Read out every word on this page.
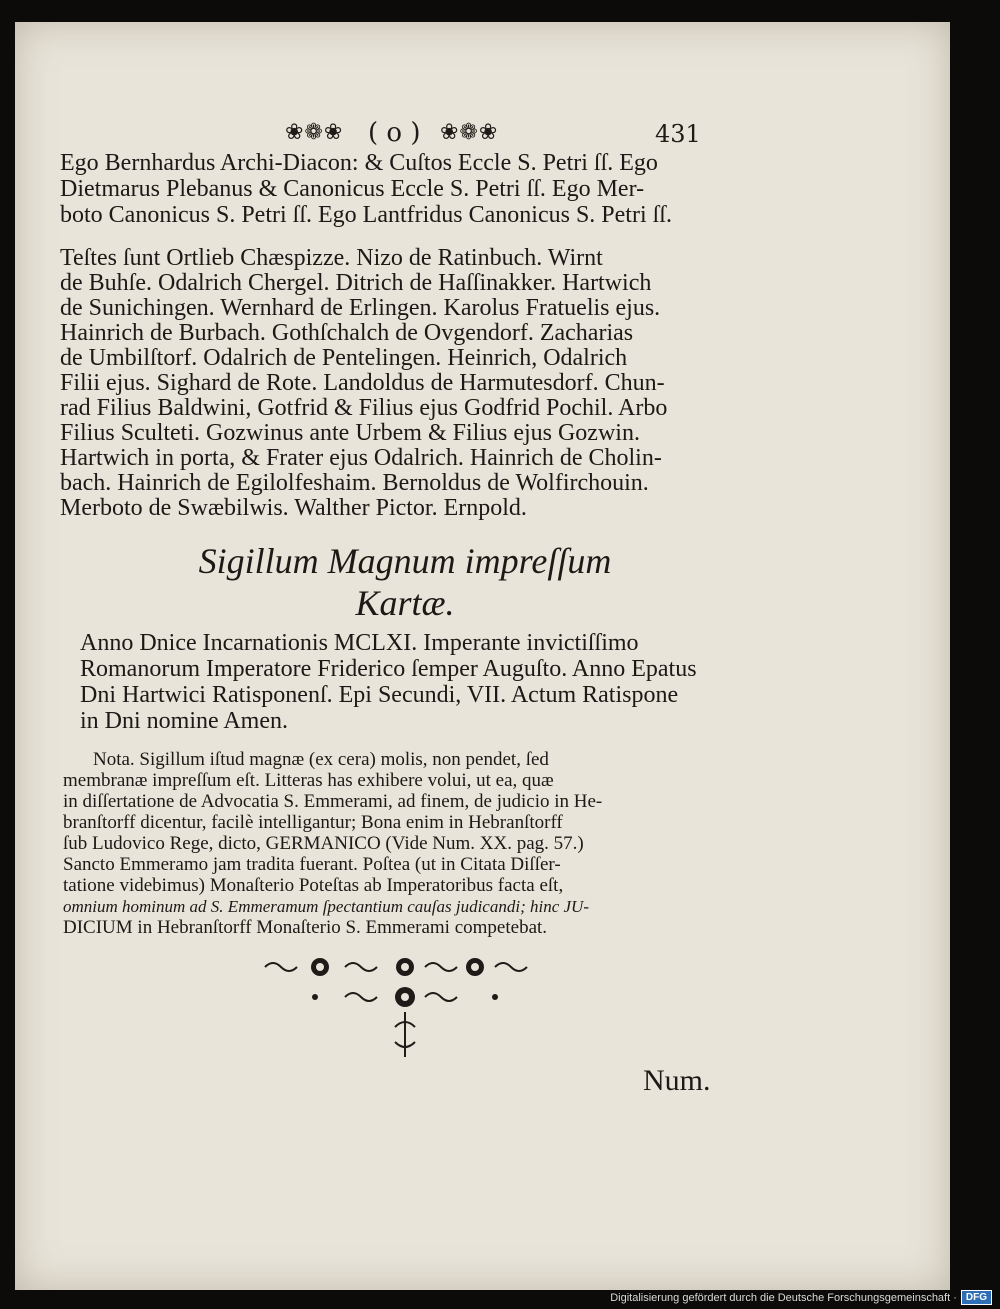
❀❁❀ ( o ) ❀❁❀	431
Ego Bernhardus Archi-Diacon: & Cuſtos Eccle S. Petri ſſ. Ego
Dietmarus Plebanus & Canonicus Eccle S. Petri ſſ. Ego Mer-
boto Canonicus S. Petri ſſ. Ego Lantfridus Canonicus S. Petri ſſ.
Teſtes ſunt Ortlieb Chæspizze. Nizo de Ratinbuch. Wirnt
de Buhſe. Odalrich Chergel. Ditrich de Haſſinakker. Hartwich
de Sunichingen. Wernhard de Erlingen. Karolus Fratuelis ejus.
Hainrich de Burbach. Gothſchalch de Ovgendorf. Zacharias
de Umbilſtorf. Odalrich de Pentelingen. Heinrich, Odalrich
Filii ejus. Sighard de Rote. Landoldus de Harmutesdorf. Chun-
rad Filius Baldwini, Gotfrid & Filius ejus Godfrid Pochil. Arbo
Filius Sculteti. Gozwinus ante Urbem & Filius ejus Gozwin.
Hartwich in porta, & Frater ejus Odalrich. Hainrich de Cholin-
bach. Hainrich de Egilolfeshaim. Bernoldus de Wolfirchouin.
Merboto de Swæbilwis. Walther Pictor. Ernpold.
Sigillum Magnum impreſſum
Kartæ.
Anno Dnice Incarnationis MCLXI. Imperante invictiſſimo
Romanorum Imperatore Friderico ſemper Auguſto. Anno Epatus
Dni Hartwici Ratisponenſ. Epi Secundi, VII. Actum Ratispone
in Dni nomine Amen.
Nota. Sigillum iſtud magnæ (ex cera) molis, non pendet, ſed
membranæ impreſſum eſt. Litteras has exhibere volui, ut ea, quæ
in diſſertatione de Advocatia S. Emmerami, ad finem, de judicio in He-
branſtorff dicentur, facilè intelligantur; Bona enim in Hebranſtorff
ſub Ludovico Rege, dicto, GERMANICO (Vide Num. XX. pag. 57.)
Sancto Emmeramo jam tradita fuerant. Poſtea (ut in Citata Diſſer-
tatione videbimus) Monaſterio Poteſtas ab Imperatoribus facta eſt,
omnium hominum ad S. Emmeramum ſpectantium cauſas judicandi; hinc JU-
DICIUM in Hebranſtorff Monaſterio S. Emmerami competebat.
Num.
Digitalisierung gefördert durch die Deutsche Forschungsgemeinschaft · DFG
